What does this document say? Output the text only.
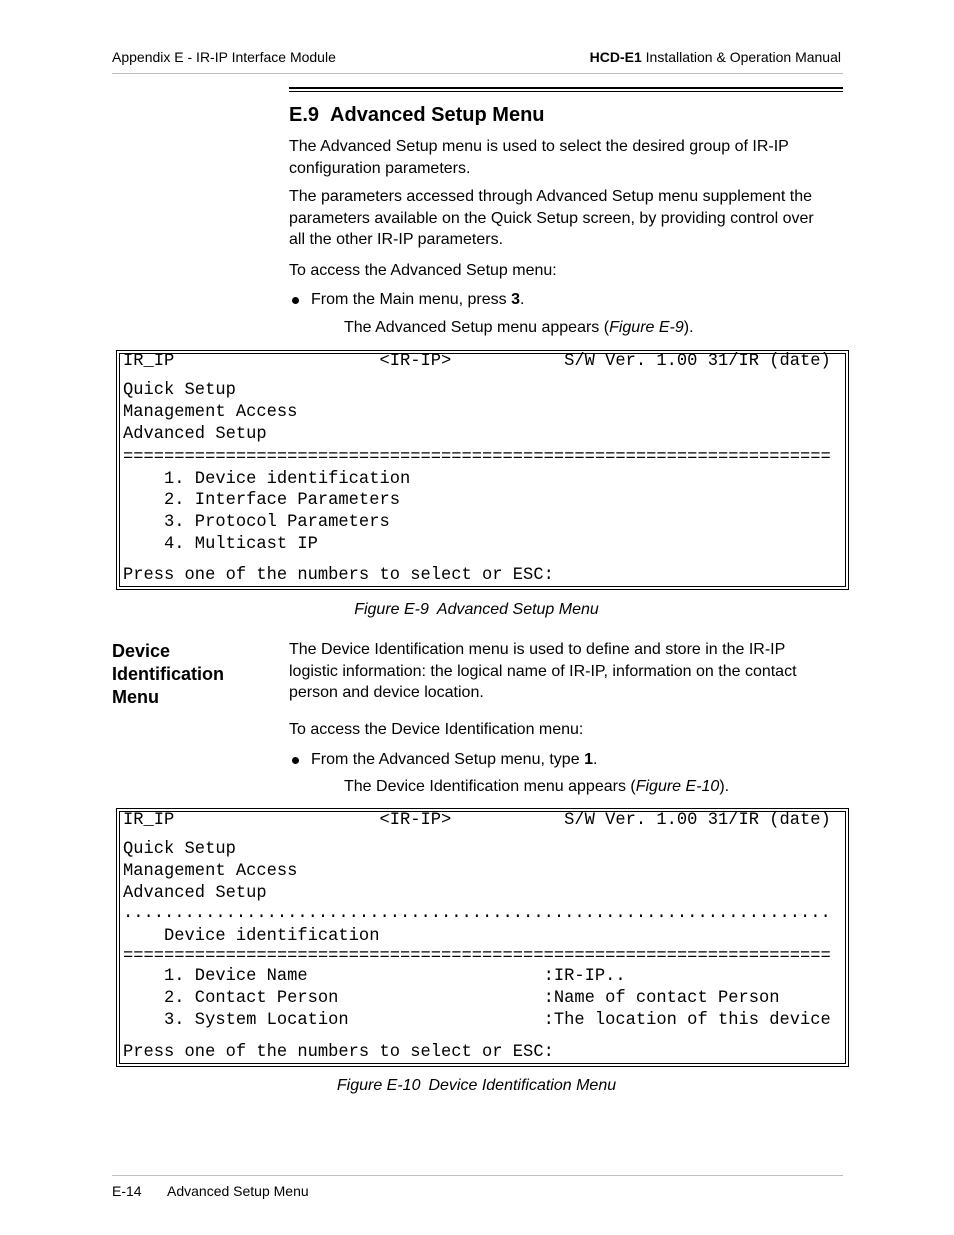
Appendix E - IR-IP Interface Module	HCD-E1 Installation & Operation Manual
E.9 Advanced Setup Menu
The Advanced Setup menu is used to select the desired group of IR-IP
configuration parameters.
The parameters accessed through Advanced Setup menu supplement the
parameters available on the Quick Setup screen, by providing control over
all the other IR-IP parameters.
To access the Advanced Setup menu:
From the Main menu, press 3.
The Advanced Setup menu appears (Figure E-9).
IR_IP                    <IR-IP>           S/W Ver. 1.00 31/IR (date)
Quick Setup
Management Access
Advanced Setup
=====================================================================
1. Device identification
2. Interface Parameters
3. Protocol Parameters
4. Multicast IP
Press one of the numbers to select or ESC:
Figure E-9 Advanced Setup Menu
Device
Identification
Menu
The Device Identification menu is used to define and store in the IR-IP
logistic information: the logical name of IR-IP, information on the contact
person and device location.
To access the Device Identification menu:
From the Advanced Setup menu, type 1.
The Device Identification menu appears (Figure E-10).
IR_IP                    <IR-IP>           S/W Ver. 1.00 31/IR (date)
Quick Setup
Management Access
Advanced Setup
.....................................................................
Device identification
=====================================================================
1. Device Name                       :IR-IP..
2. Contact Person                    :Name of contact Person
3. System Location                   :The location of this device
Press one of the numbers to select or ESC:
Figure E-10 Device Identification Menu
E-14 Advanced Setup Menu
